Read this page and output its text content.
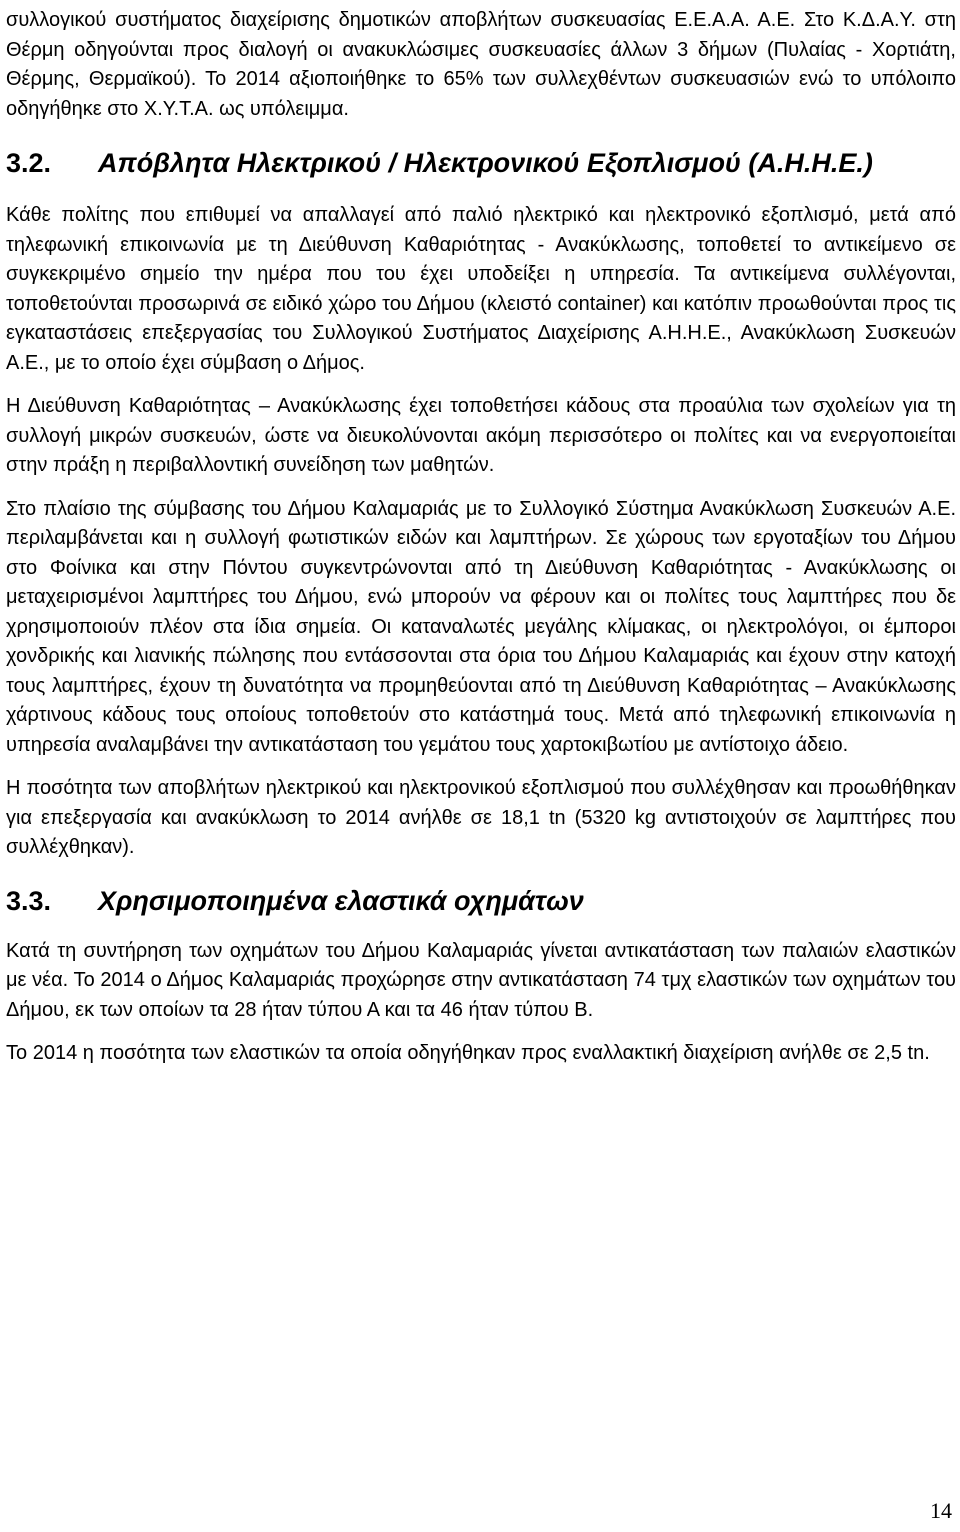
συλλογικού συστήματος διαχείρισης δημοτικών αποβλήτων συσκευασίας Ε.Ε.Α.Α. Α.Ε. Στο Κ.Δ.Α.Υ. στη Θέρμη οδηγούνται προς διαλογή οι ανακυκλώσιμες συσκευασίες άλλων 3 δήμων (Πυλαίας - Χορτιάτη, Θέρμης, Θερμαϊκού). Το 2014 αξιοποιήθηκε το 65% των συλλεχθέντων συσκευασιών ενώ το υπόλοιπο οδηγήθηκε στο Χ.Υ.Τ.Α. ως υπόλειμμα.

3.2.	Απόβλητα Ηλεκτρικού / Ηλεκτρονικού Εξοπλισμού (Α.Η.Η.Ε.)

Κάθε πολίτης που επιθυμεί να απαλλαγεί από παλιό ηλεκτρικό και ηλεκτρονικό εξοπλισμό, μετά από τηλεφωνική επικοινωνία με τη Διεύθυνση Καθαριότητας - Ανακύκλωσης, τοποθετεί το αντικείμενο σε συγκεκριμένο σημείο την ημέρα που του έχει υποδείξει η υπηρεσία. Τα αντικείμενα συλλέγονται, τοποθετούνται προσωρινά σε ειδικό χώρο του Δήμου (κλειστό container) και κατόπιν προωθούνται προς τις εγκαταστάσεις επεξεργασίας του Συλλογικού Συστήματος Διαχείρισης Α.Η.Η.Ε., Ανακύκλωση Συσκευών Α.Ε., με το οποίο έχει σύμβαση ο Δήμος.

Η Διεύθυνση Καθαριότητας – Ανακύκλωσης έχει τοποθετήσει κάδους στα προαύλια των σχολείων για τη συλλογή μικρών συσκευών, ώστε να διευκολύνονται ακόμη περισσότερο οι πολίτες και να ενεργοποιείται στην πράξη η περιβαλλοντική συνείδηση των μαθητών.

Στο πλαίσιο της σύμβασης του Δήμου Καλαμαριάς με το Συλλογικό Σύστημα Ανακύκλωση Συσκευών Α.Ε. περιλαμβάνεται και η συλλογή φωτιστικών ειδών και λαμπτήρων. Σε χώρους των εργοταξίων του Δήμου στο Φοίνικα και στην Πόντου συγκεντρώνονται από τη Διεύθυνση Καθαριότητας - Ανακύκλωσης οι μεταχειρισμένοι λαμπτήρες του Δήμου, ενώ μπορούν να φέρουν και οι πολίτες τους λαμπτήρες που δε χρησιμοποιούν πλέον στα ίδια σημεία. Οι καταναλωτές μεγάλης κλίμακας, οι ηλεκτρολόγοι, οι έμποροι χονδρικής και λιανικής πώλησης που εντάσσονται στα όρια του Δήμου Καλαμαριάς και έχουν στην κατοχή τους λαμπτήρες, έχουν τη δυνατότητα να προμηθεύονται από τη Διεύθυνση Καθαριότητας – Ανακύκλωσης χάρτινους κάδους τους οποίους τοποθετούν στο κατάστημά τους. Μετά από τηλεφωνική επικοινωνία η υπηρεσία αναλαμβάνει την αντικατάσταση του γεμάτου τους χαρτοκιβωτίου με αντίστοιχο άδειο.

Η ποσότητα των αποβλήτων ηλεκτρικού και ηλεκτρονικού εξοπλισμού που συλλέχθησαν και προωθήθηκαν για επεξεργασία και ανακύκλωση το 2014 ανήλθε σε 18,1 tn (5320 kg αντιστοιχούν σε λαμπτήρες που συλλέχθηκαν).

3.3.	Χρησιμοποιημένα ελαστικά οχημάτων

Κατά τη συντήρηση των οχημάτων του Δήμου Καλαμαριάς γίνεται αντικατάσταση των παλαιών ελαστικών με νέα. Το 2014 ο Δήμος Καλαμαριάς προχώρησε στην αντικατάσταση 74 τμχ ελαστικών των οχημάτων του Δήμου, εκ των οποίων τα 28 ήταν τύπου Α και τα 46 ήταν τύπου Β.

Το 2014 η ποσότητα των ελαστικών τα οποία οδηγήθηκαν προς εναλλακτική διαχείριση ανήλθε σε 2,5 tn.

14
